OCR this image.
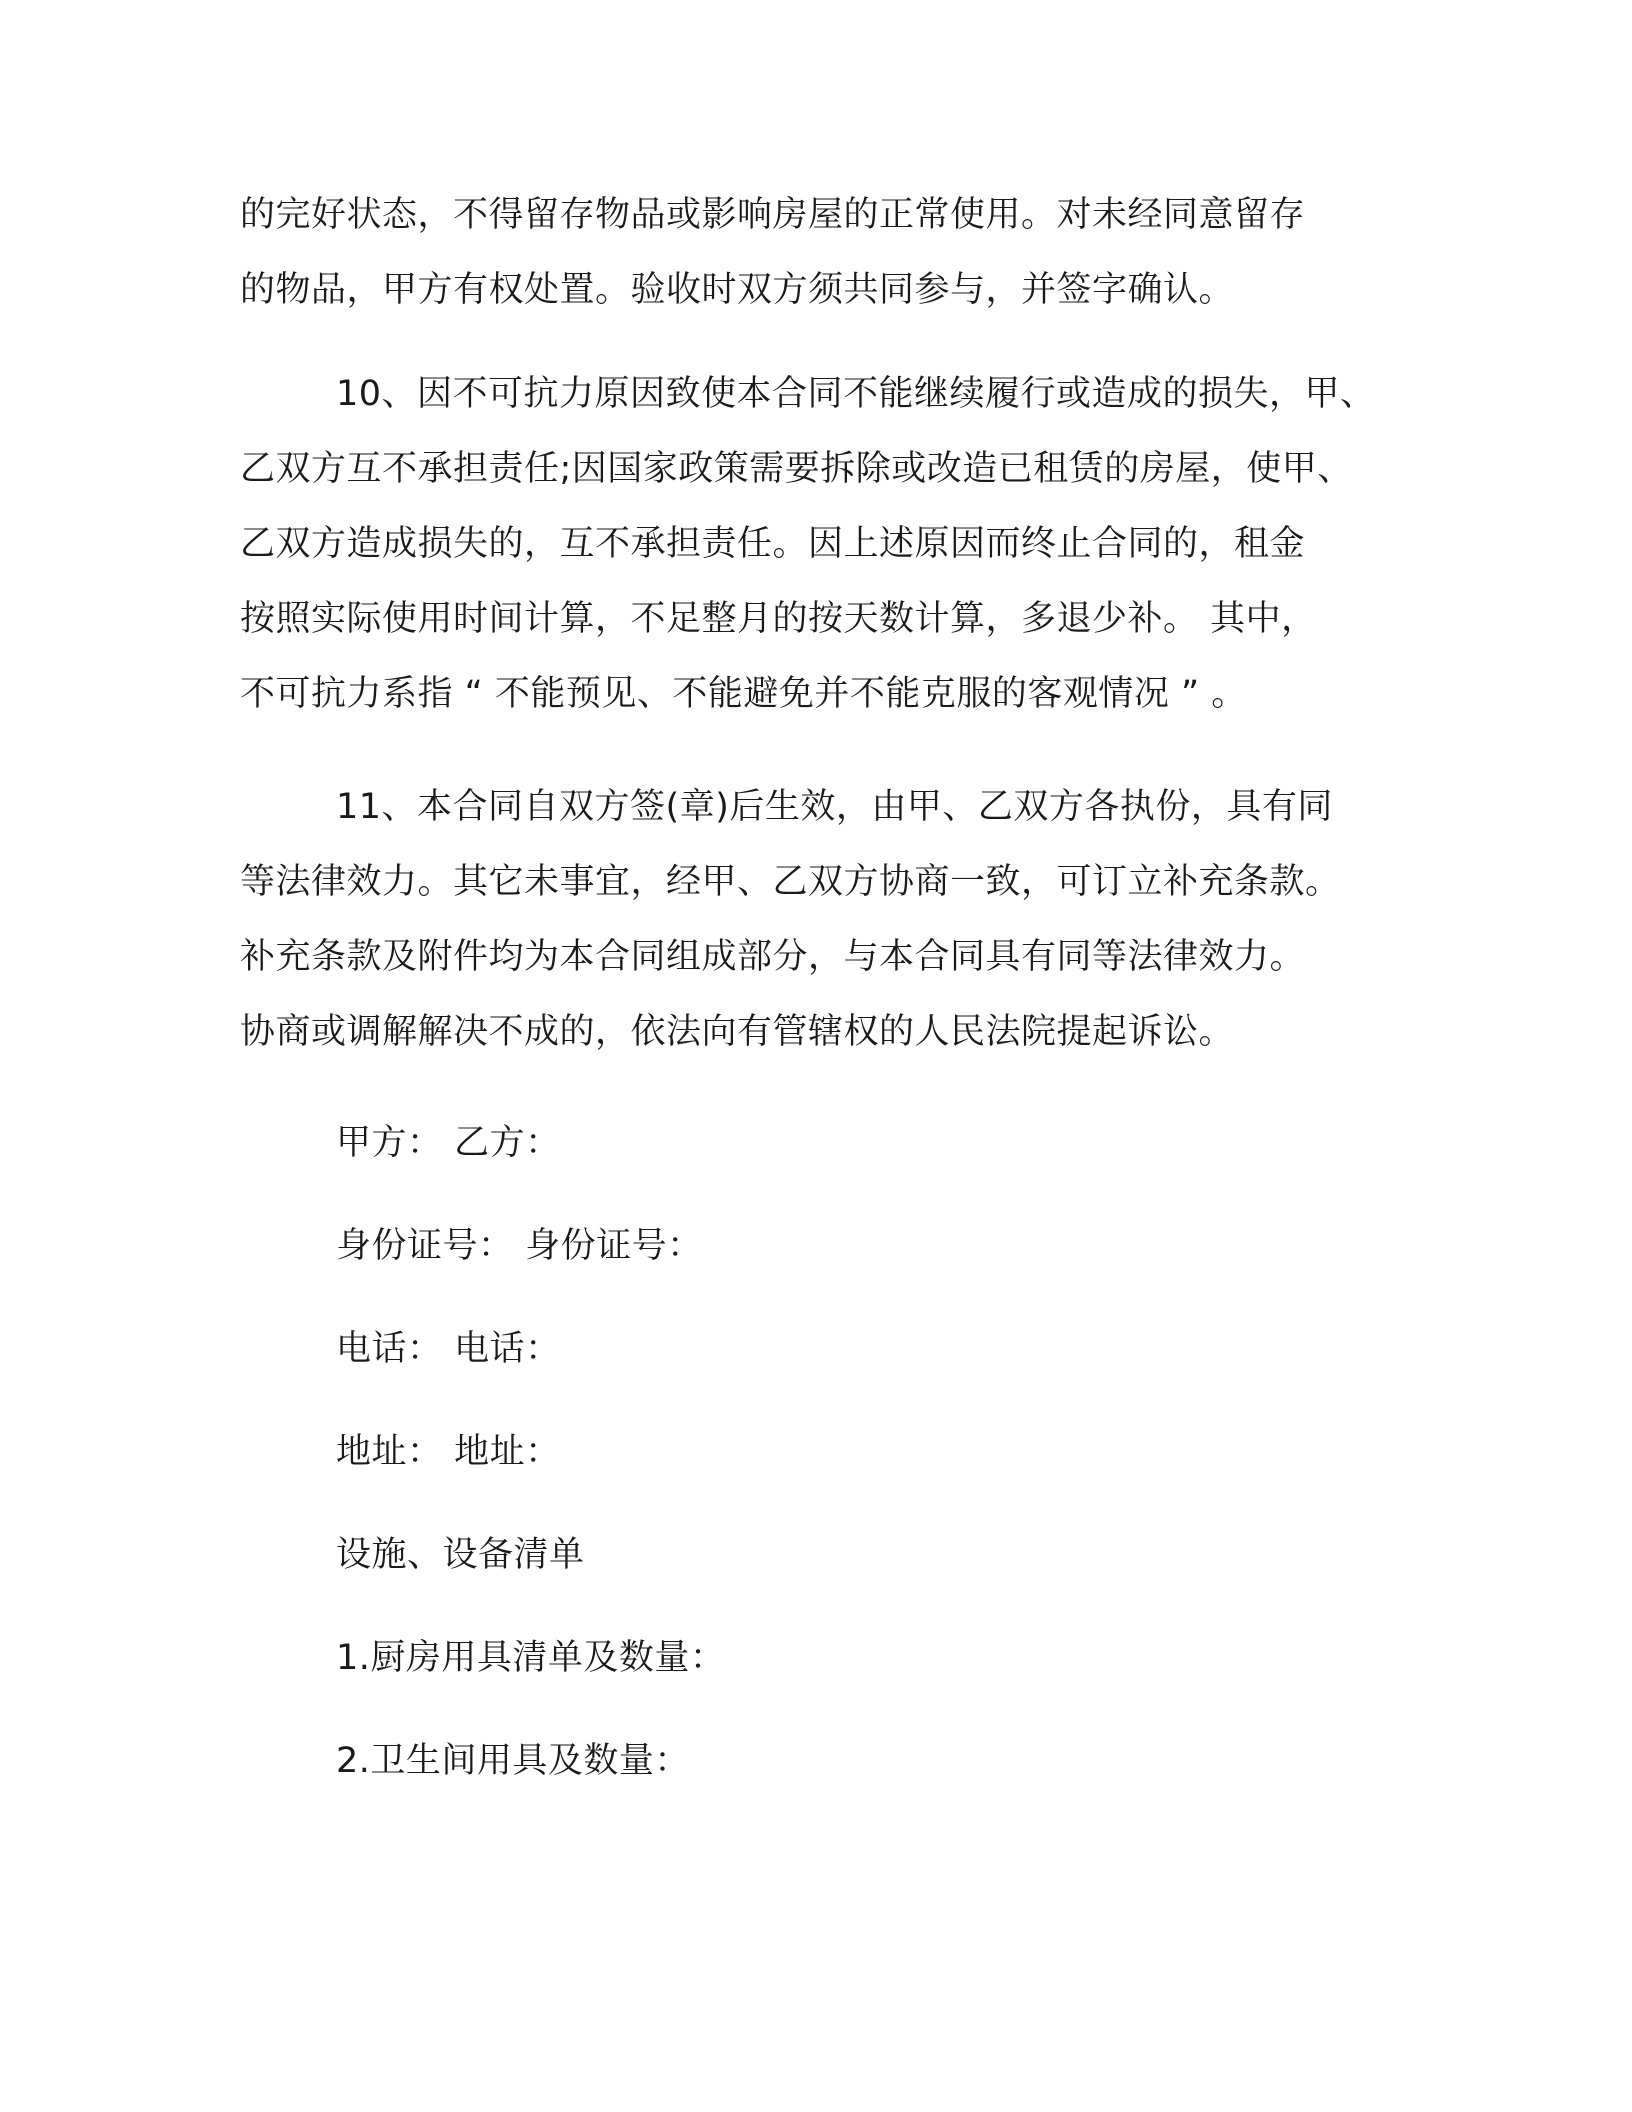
的完好状态，不得留存物品或影响房屋的正常使用。对未经同意留存
的物品，甲方有权处置。验收时双方须共同参与，并签字确认。
10、因不可抗力原因致使本合同不能继续履行或造成的损失，甲、
乙双方互不承担责任;因国家政策需要拆除或改造已租赁的房屋，使甲、
乙双方造成损失的，互不承担责任。因上述原因而终止合同的，租金
按照实际使用时间计算，不足整月的按天数计算，多退少补。 其中，
不可抗力系指 “ 不能预见、不能避免并不能克服的客观情况 ” 。
11、本合同自双方签(章)后生效，由甲、乙双方各执份，具有同
等法律效力。其它未事宜，经甲、乙双方协商一致，可订立补充条款。
补充条款及附件均为本合同组成部分，与本合同具有同等法律效力。
协商或调解解决不成的，依法向有管辖权的人民法院提起诉讼。
甲方： 乙方：
身份证号： 身份证号：
电话： 电话：
地址： 地址：
设施、设备清单
1.厨房用具清单及数量：
2.卫生间用具及数量：
